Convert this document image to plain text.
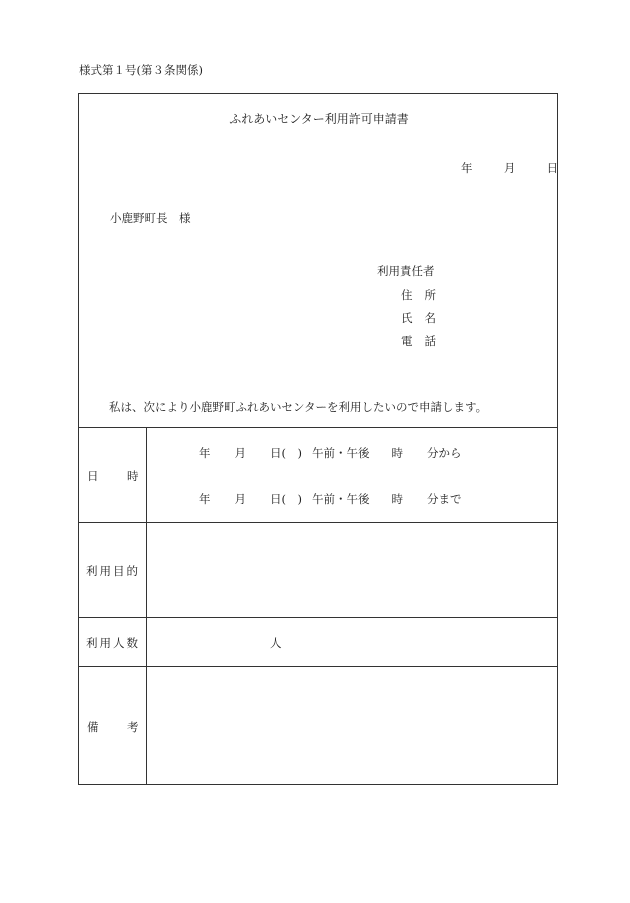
様式第１号(第３条関係)
ふれあいセンター利用許可申請書
年	月	日
小鹿野町長　様
利用責任者
住 所
氏 名
電 話
私は、次により小鹿野町ふれあいセンターを利用したいので申請します。
日 時
年 月 日(　) 午前・午後 時 分から
年 月 日(　) 午前・午後 時 分まで
利 用 目 的
利 用 人 数	人
備 考
